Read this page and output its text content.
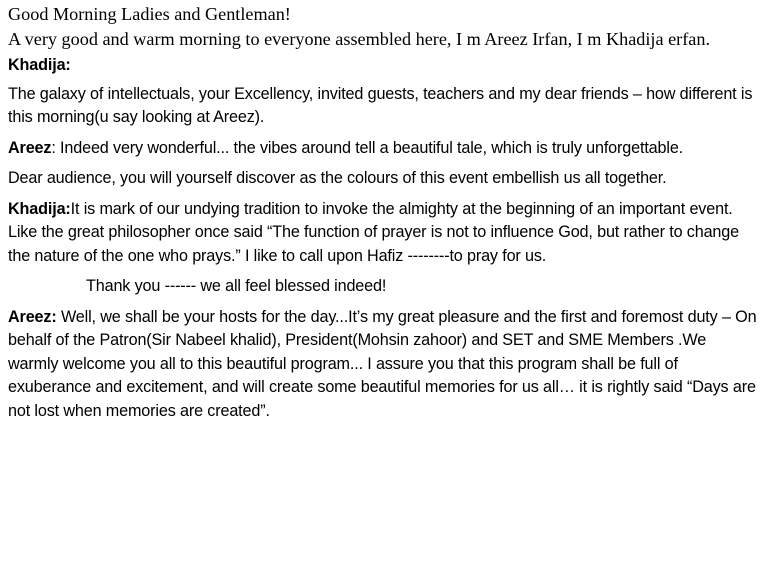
Good Morning Ladies and Gentleman!

A very good and warm morning to everyone assembled here, I m Areez Irfan, I m Khadija erfan.

Khadija:

The galaxy of intellectuals, your Excellency, invited guests, teachers and my dear friends – how different is this morning(u say looking at Areez).

Areez: Indeed very wonderful... the vibes around tell a beautiful tale, which is truly unforgettable.

Dear audience, you will yourself discover as the colours of this event embellish us all together.

Khadija:It is mark of our undying tradition to invoke the almighty at the beginning of an important event. Like the great philosopher once said “The function of prayer is not to influence God, but rather to change the nature of the one who prays.” I like to call upon Hafiz --------to pray for us.

Thank you ------ we all feel blessed indeed!

Areez: Well, we shall be your hosts for the day...It’s my great pleasure and the first and foremost duty – On behalf of the Patron(Sir Nabeel khalid), President(Mohsin zahoor) and SET and SME Members .We warmly welcome you all to this beautiful program... I assure you that this program shall be full of exuberance and excitement, and will create some beautiful memories for us all… it is rightly said “Days are not lost when memories are created”.
